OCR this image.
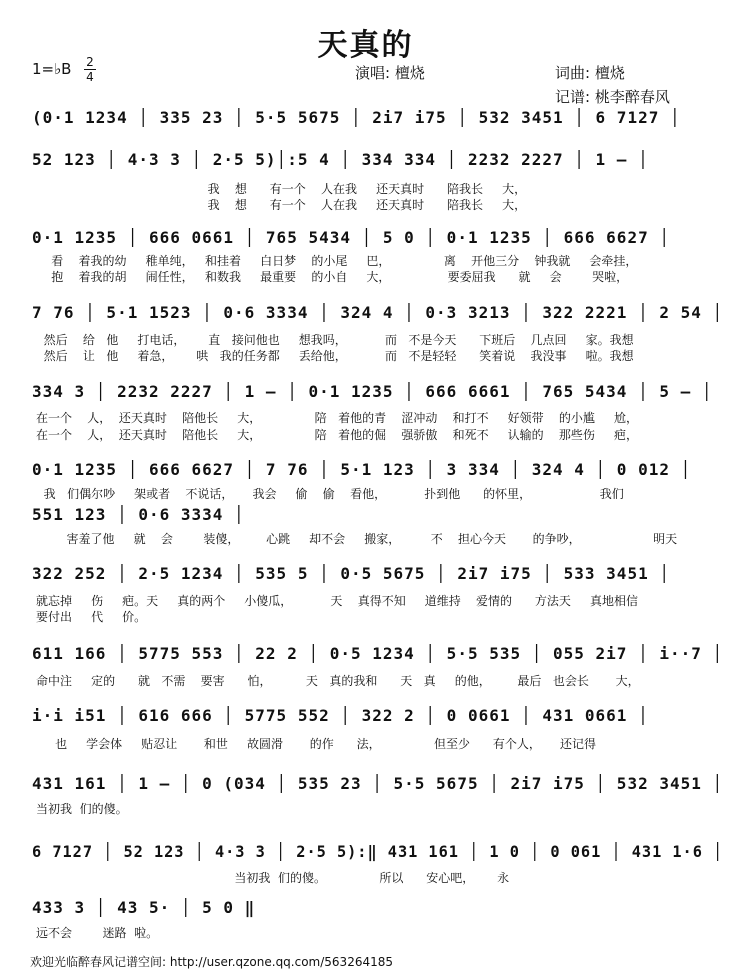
天真的
1=♭B 2
4	演唱: 檀烧	词曲: 檀烧
记谱: 桃李醉春风
(0·1 1234 │ 335 23 │ 5·5 5675 │ 2i7 i75 │ 532 3451 │ 6 7127 │
52 123 │ 4·3 3 │ 2·5 5)│:5 4 │ 334 334 │ 2232 2227 │ 1 – │
我    想      有一个    人在我     还天真时      陪我长     大，
我    想      有一个    人在我     还天真时      陪我长     大，
0·1 1235 │ 666 0661 │ 765 5434 │ 5 0 │ 0·1 1235 │ 666 6627 │
看    着我的幼     稚单纯，   和挂着     白日梦    的小尾     巴，              离    开他三分    钟我就     会牵挂，
抱    着我的胡     闹任性，   和数我     最重要    的小自     大，               要委屈我      就     会        哭啦，
7 76 │ 5·1 1523 │ 0·6 3334 │ 324 4 │ 0·3 3213 │ 322 2221 │ 2 54 │
然后    给   他     打电话，      直   接问他也     想我吗，          而   不是今天      下班后    几点回     家。我想
然后    让   他     着急，      哄   我的任务都     丢给他，          而   不是轻轻      笑着说    我没事     啦。我想
334 3 │ 2232 2227 │ 1 – │ 0·1 1235 │ 666 6661 │ 765 5434 │ 5 – │
在一个    人，  还天真时    陪他长     大，              陪   着他的青    涩冲动    和打不     好领带    的小尴     尬，
在一个    人，  还天真时    陪他长     大，              陪   着他的倔    强骄傲    和死不     认输的    那些伤     疤，
0·1 1235 │ 666 6627 │ 7 76 │ 5·1 123 │ 3 334 │ 324 4 │ 0 012 │
我   们偶尔吵     架或者    不说话，     我会     偷    偷    看他，          扑到他      的怀里，                  我们
551 123 │ 0·6 3334 │
害羞了他     就    会        装傻，       心跳     却不会     搬家，        不    担心今天       的争吵，                   明天
322 252 │ 2·5 1234 │ 535 5 │ 0·5 5675 │ 2i7 i75 │ 533 3451 │
就忘掉     伤     疤。天     真的两个     小傻瓜，          天    真得不知     道维持    爱情的      方法天     真地相信
要付出     代     价。
611 166 │ 5775 553 │ 22 2 │ 0·5 1234 │ 5·5 535 │ 055 2i7 │ i··7 │
命中注     定的      就   不需    要害      怕，         天   真的我和      天   真     的他，       最后   也会长       大，
i·i i51 │ 616 666 │ 5775 552 │ 322 2 │ 0 0661 │ 431 0661 │
也     学会体     贴忍让       和世     故圆滑       的作      法，              但至少      有个人，     还记得
431 161 │ 1 – │ 0 (034 │ 535 23 │ 5·5 5675 │ 2i7 i75 │ 532 3451 │
当初我  们的傻。
6 7127 │ 52 123 │ 4·3 3 │ 2·5 5):‖ 431 161 │ 1 0 │ 0 061 │ 431 1·6 │
当初我  们的傻。              所以      安心吧，      永
433 3 │ 43 5· │ 5 0 ‖
远不会        迷路  啦。
欢迎光临醉春风记谱空间: http://user.qzone.qq.com/563264185
